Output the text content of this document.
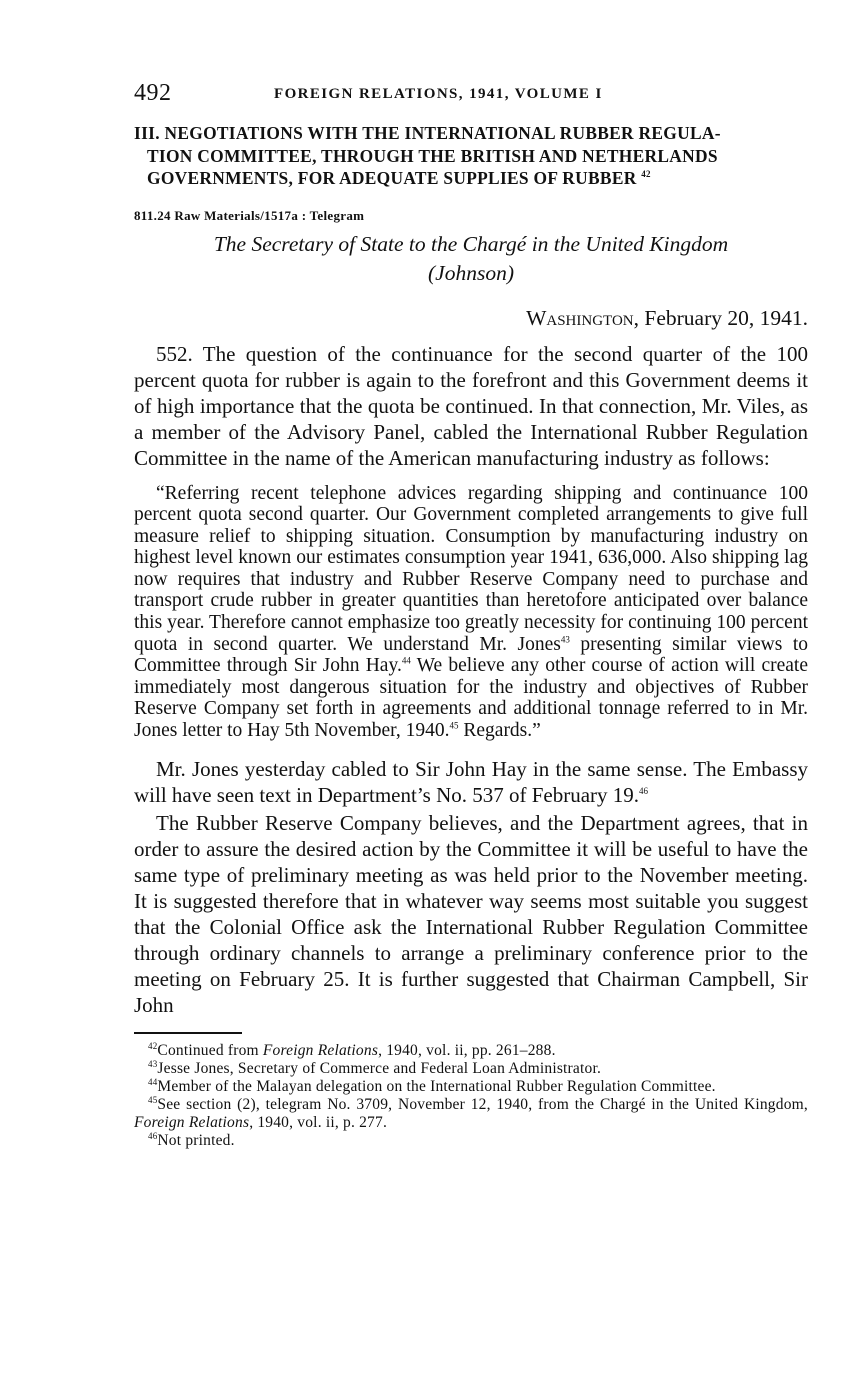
492	FOREIGN RELATIONS, 1941, VOLUME I
III. NEGOTIATIONS WITH THE INTERNATIONAL RUBBER REGULA-
TION COMMITTEE, THROUGH THE BRITISH AND NETHERLANDS
GOVERNMENTS, FOR ADEQUATE SUPPLIES OF RUBBER $^{42}$

811.24 Raw Materials/1517a : Telegram

The Secretary of State to the Chargé in the United Kingdom
(Johnson)

Washington, February 20, 1941.

552. The question of the continuance for the second quarter of the 100 percent quota for rubber is again to the forefront and this Government deems it of high importance that the quota be continued. In that connection, Mr. Viles, as a member of the Advisory Panel, cabled the International Rubber Regulation Committee in the name of the American manufacturing industry as follows:

“Referring recent telephone advices regarding shipping and continuance 100 percent quota second quarter. Our Government completed arrangements to give full measure relief to shipping situation. Consumption by manufacturing industry on highest level known our estimates consumption year 1941, 636,000. Also shipping lag now requires that industry and Rubber Reserve Company need to purchase and transport crude rubber in greater quantities than heretofore anticipated over balance this year. Therefore cannot emphasize too greatly necessity for continuing 100 percent quota in second quarter. We understand Mr. Jones$^{43}$ presenting similar views to Committee through Sir John Hay.$^{44}$ We believe any other course of action will create immediately most dangerous situation for the industry and objectives of Rubber Reserve Company set forth in agreements and additional tonnage referred to in Mr. Jones letter to Hay 5th November, 1940.45 Regards.”

Mr. Jones yesterday cabled to Sir John Hay in the same sense. The Embassy will have seen text in Department’s No. 537 of February 19.46

The Rubber Reserve Company believes, and the Department agrees, that in order to assure the desired action by the Committee it will be useful to have the same type of preliminary meeting as was held prior to the November meeting. It is suggested therefore that in whatever way seems most suitable you suggest that the Colonial Office ask the International Rubber Regulation Committee through ordinary channels to arrange a preliminary conference prior to the meeting on February 25. It is further suggested that Chairman Campbell, Sir John

$^{42}$Continued from Foreign Relations, 1940, vol. ii, pp. 261–288.

$^{43}$Jesse Jones, Secretary of Commerce and Federal Loan Administrator.

$^{44}$Member of the Malayan delegation on the International Rubber Regulation Committee.

$^{45}$See section (2), telegram No. 3709, November 12, 1940, from the Chargé in the United Kingdom, Foreign Relations, 1940, vol. ii, p. 277.

$^{46}$Not printed.
